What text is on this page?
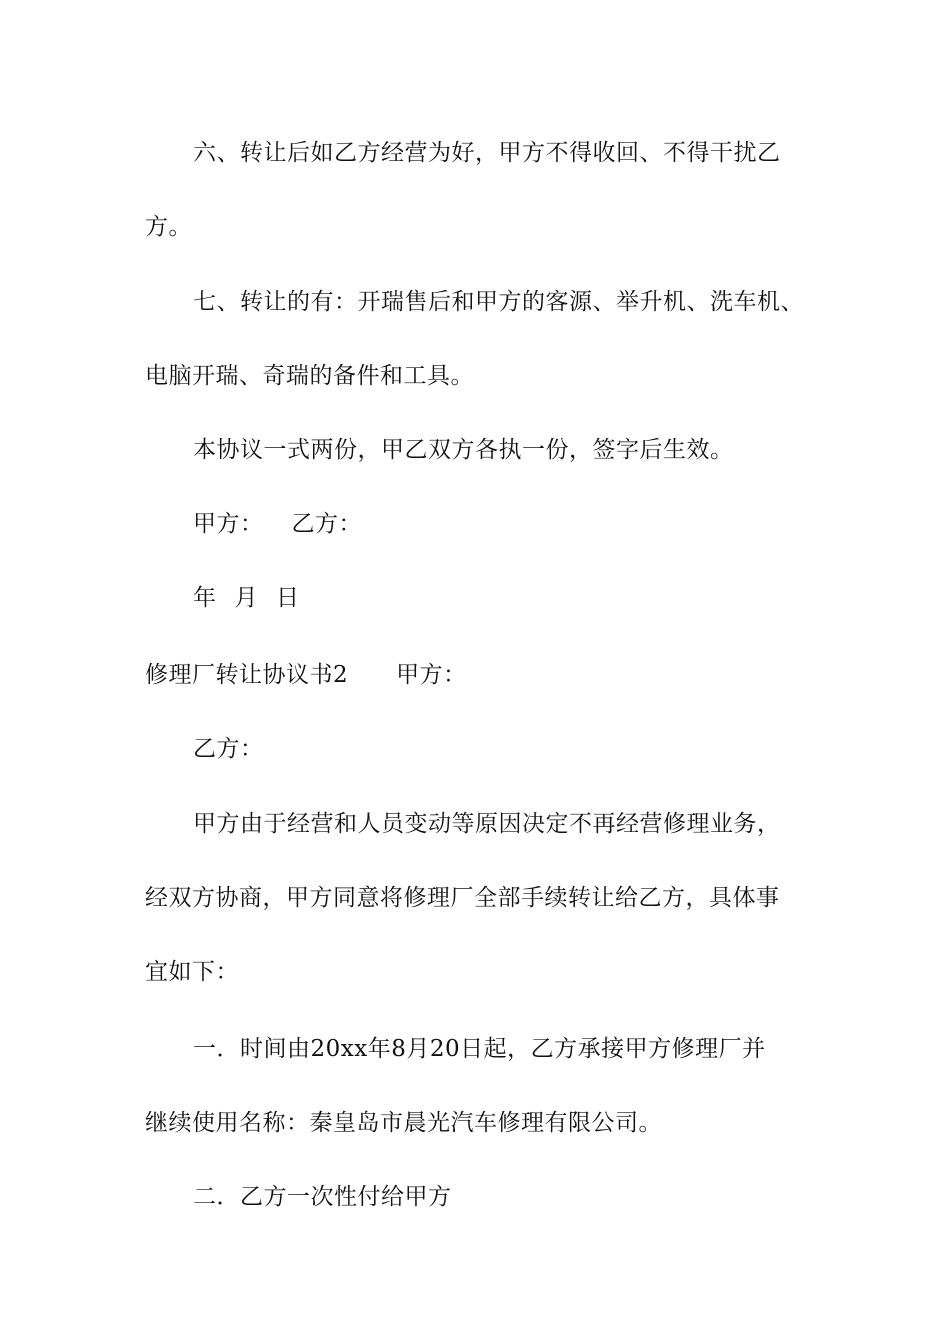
六、转让后如乙方经营为好，甲方不得收回、不得干扰乙
方。
七、转让的有：开瑞售后和甲方的客源、举升机、洗车机、
电脑开瑞、奇瑞的备件和工具。
本协议一式两份，甲乙双方各执一份，签字后生效。
甲方： 乙方：
年 月 日
修理厂转让协议书2 甲方：
乙方：
甲方由于经营和人员变动等原因决定不再经营修理业务，
经双方协商，甲方同意将修理厂全部手续转让给乙方，具体事
宜如下：
一．时间由20xx年8月20日起，乙方承接甲方修理厂并
继续使用名称：秦皇岛市晨光汽车修理有限公司。
二．乙方一次性付给甲方
